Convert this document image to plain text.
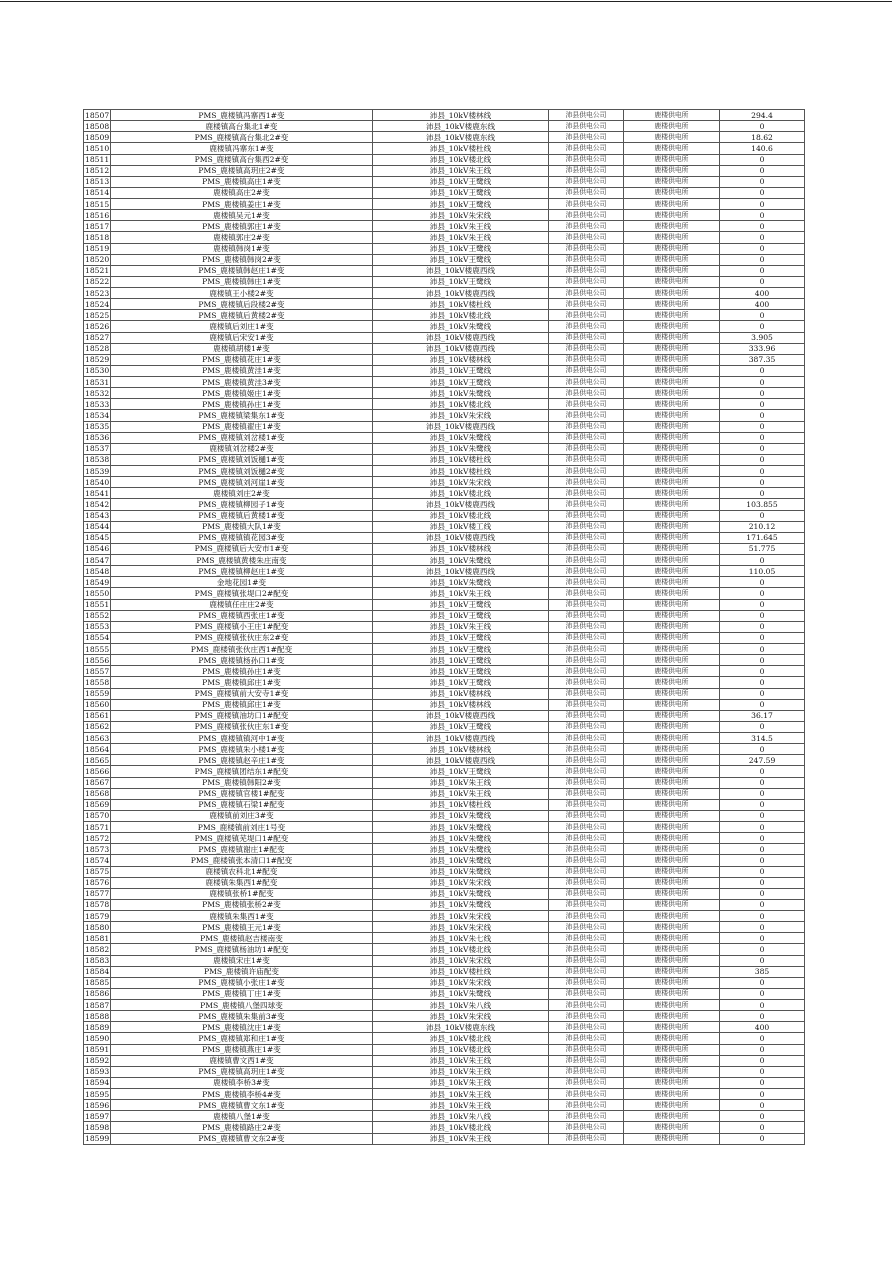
18507	PMS_鹿楼镇冯寨西1#变	沛县_10kV楼林线	沛县供电公司	鹿楼供电所	294.4
18508	鹿楼镇高台集北1#变	沛县_10kV楼鹿东线	沛县供电公司	鹿楼供电所	0
18509	PMS_鹿楼镇高台集北2#变	沛县_10kV楼鹿东线	沛县供电公司	鹿楼供电所	18.62
18510	鹿楼镇冯寨东1#变	沛县_10kV楼杜线	沛县供电公司	鹿楼供电所	140.6
18511	PMS_鹿楼镇高台集西2#变	沛县_10kV楼北线	沛县供电公司	鹿楼供电所	0
18512	PMS_鹿楼镇高玥庄2#变	沛县_10kV朱王线	沛县供电公司	鹿楼供电所	0
18513	PMS_鹿楼镇高庄1#变	沛县_10kV王鹭线	沛县供电公司	鹿楼供电所	0
18514	鹿楼镇高庄2#变	沛县_10kV王鹭线	沛县供电公司	鹿楼供电所	0
18515	PMS_鹿楼镇姜庄1#变	沛县_10kV王鹭线	沛县供电公司	鹿楼供电所	0
18516	鹿楼镇吴元1#变	沛县_10kV朱宋线	沛县供电公司	鹿楼供电所	0
18517	PMS_鹿楼镇郭庄1#变	沛县_10kV朱王线	沛县供电公司	鹿楼供电所	0
18518	鹿楼镇郭庄2#变	沛县_10kV朱王线	沛县供电公司	鹿楼供电所	0
18519	鹿楼镇韩岗1#变	沛县_10kV王鹭线	沛县供电公司	鹿楼供电所	0
18520	PMS_鹿楼镇韩岗2#变	沛县_10kV王鹭线	沛县供电公司	鹿楼供电所	0
18521	PMS_鹿楼镇韩赵庄1#变	沛县_10kV楼鹿西线	沛县供电公司	鹿楼供电所	0
18522	PMS_鹿楼镇韩庄1#变	沛县_10kV王鹭线	沛县供电公司	鹿楼供电所	0
18523	鹿楼镇王小楼2#变	沛县_10kV楼鹿西线	沛县供电公司	鹿楼供电所	400
18524	PMS_鹿楼镇后段楼2#变	沛县_10kV楼杜线	沛县供电公司	鹿楼供电所	400
18525	PMS_鹿楼镇后黄楼2#变	沛县_10kV楼北线	沛县供电公司	鹿楼供电所	0
18526	鹿楼镇后刘庄1#变	沛县_10kV朱鹭线	沛县供电公司	鹿楼供电所	0
18527	鹿楼镇后宋安1#变	沛县_10kV楼鹿西线	沛县供电公司	鹿楼供电所	3.905
18528	鹿楼镇胡楼1#变	沛县_10kV楼鹿西线	沛县供电公司	鹿楼供电所	333.96
18529	PMS_鹿楼镇花庄1#变	沛县_10kV楼林线	沛县供电公司	鹿楼供电所	387.35
18530	PMS_鹿楼镇黄洼1#变	沛县_10kV王鹭线	沛县供电公司	鹿楼供电所	0
18531	PMS_鹿楼镇黄洼3#变	沛县_10kV王鹭线	沛县供电公司	鹿楼供电所	0
18532	PMS_鹿楼镇姬庄1#变	沛县_10kV朱鹭线	沛县供电公司	鹿楼供电所	0
18533	PMS_鹿楼镇孙庄1#变	沛县_10kV楼北线	沛县供电公司	鹿楼供电所	0
18534	PMS_鹿楼镇梁集东1#变	沛县_10kV朱宋线	沛县供电公司	鹿楼供电所	0
18535	PMS_鹿楼镇翟庄1#变	沛县_10kV楼鹿西线	沛县供电公司	鹿楼供电所	0
18536	PMS_鹿楼镇刘岔楼1#变	沛县_10kV朱鹭线	沛县供电公司	鹿楼供电所	0
18537	鹿楼镇刘岔楼2#变	沛县_10kV朱鹭线	沛县供电公司	鹿楼供电所	0
18538	PMS_鹿楼镇刘饭樋1#变	沛县_10kV楼杜线	沛县供电公司	鹿楼供电所	0
18539	PMS_鹿楼镇刘饭樋2#变	沛县_10kV楼杜线	沛县供电公司	鹿楼供电所	0
18540	PMS_鹿楼镇刘河崖1#变	沛县_10kV朱宋线	沛县供电公司	鹿楼供电所	0
18541	鹿楼镇刘庄2#变	沛县_10kV楼北线	沛县供电公司	鹿楼供电所	0
18542	PMS_鹿楼镇柳园子1#变	沛县_10kV楼鹿西线	沛县供电公司	鹿楼供电所	103.855
18543	PMS_鹿楼镇后黄楼1#变	沛县_10kV楼北线	沛县供电公司	鹿楼供电所	0
18544	PMS_鹿楼镇大队1#变	沛县_10kV楼工线	沛县供电公司	鹿楼供电所	210.12
18545	PMS_鹿楼镇镇花园3#变	沛县_10kV楼鹿西线	沛县供电公司	鹿楼供电所	171.645
18546	PMS_鹿楼镇后大安市1#变	沛县_10kV楼林线	沛县供电公司	鹿楼供电所	51.775
18547	PMS_鹿楼镇黄楼朱庄南变	沛县_10kV朱鹭线	沛县供电公司	鹿楼供电所	0
18548	PMS_鹿楼镇柳赵庄1#变	沛县_10kV楼鹿西线	沛县供电公司	鹿楼供电所	110.05
18549	金地花园1#变	沛县_10kV朱鹭线	沛县供电公司	鹿楼供电所	0
18550	PMS_鹿楼镇张堤口2#配变	沛县_10kV朱王线	沛县供电公司	鹿楼供电所	0
18551	鹿楼镇任庄庄2#变	沛县_10kV王鹭线	沛县供电公司	鹿楼供电所	0
18552	PMS_鹿楼镇西张庄1#变	沛县_10kV王鹭线	沛县供电公司	鹿楼供电所	0
18553	PMS_鹿楼镇小王庄1#配变	沛县_10kV朱王线	沛县供电公司	鹿楼供电所	0
18554	PMS_鹿楼镇张伙庄东2#变	沛县_10kV王鹭线	沛县供电公司	鹿楼供电所	0
18555	PMS_鹿楼镇张伙庄西1#配变	沛县_10kV王鹭线	沛县供电公司	鹿楼供电所	0
18556	PMS_鹿楼镇杨孙口1#变	沛县_10kV王鹭线	沛县供电公司	鹿楼供电所	0
18557	PMS_鹿楼镇孙庄1#变	沛县_10kV王鹭线	沛县供电公司	鹿楼供电所	0
18558	PMS_鹿楼镇邱庄1#变	沛县_10kV王鹭线	沛县供电公司	鹿楼供电所	0
18559	PMS_鹿楼镇前大安寺1#变	沛县_10kV楼林线	沛县供电公司	鹿楼供电所	0
18560	PMS_鹿楼镇邱庄1#变	沛县_10kV楼林线	沛县供电公司	鹿楼供电所	0
18561	PMS_鹿楼镇油坊口1#配变	沛县_10kV楼鹿西线	沛县供电公司	鹿楼供电所	36.17
18562	PMS_鹿楼镇张伙庄东1#变	沛县_10kV王鹭线	沛县供电公司	鹿楼供电所	0
18563	PMS_鹿楼镇镇河中1#变	沛县_10kV楼鹿西线	沛县供电公司	鹿楼供电所	314.5
18564	PMS_鹿楼镇朱小楼1#变	沛县_10kV楼林线	沛县供电公司	鹿楼供电所	0
18565	PMS_鹿楼镇赵辛庄1#变	沛县_10kV楼鹿西线	沛县供电公司	鹿楼供电所	247.59
18566	PMS_鹿楼镇团结东1#配变	沛县_10kV王鹭线	沛县供电公司	鹿楼供电所	0
18567	PMS_鹿楼镇韩阳2#变	沛县_10kV朱王线	沛县供电公司	鹿楼供电所	0
18568	PMS_鹿楼镇官楼1#配变	沛县_10kV朱王线	沛县供电公司	鹿楼供电所	0
18569	PMS_鹿楼镇石梁1#配变	沛县_10kV楼杜线	沛县供电公司	鹿楼供电所	0
18570	鹿楼镇前刘庄3#变	沛县_10kV朱鹭线	沛县供电公司	鹿楼供电所	0
18571	PMS_鹿楼镇前刘庄1号变	沛县_10kV朱鹭线	沛县供电公司	鹿楼供电所	0
18572	PMS_鹿楼镇芜堤口1#配变	沛县_10kV朱鹭线	沛县供电公司	鹿楼供电所	0
18573	PMS_鹿楼镇谢庄1#配变	沛县_10kV朱鹭线	沛县供电公司	鹿楼供电所	0
18574	PMS_鹿楼镇张本清口1#配变	沛县_10kV朱鹭线	沛县供电公司	鹿楼供电所	0
18575	鹿楼镇农科北1#配变	沛县_10kV朱鹭线	沛县供电公司	鹿楼供电所	0
18576	鹿楼镇朱集西1#配变	沛县_10kV朱宋线	沛县供电公司	鹿楼供电所	0
18577	鹿楼镇张桥1#配变	沛县_10kV朱鹭线	沛县供电公司	鹿楼供电所	0
18578	PMS_鹿楼镇张桥2#变	沛县_10kV朱鹭线	沛县供电公司	鹿楼供电所	0
18579	鹿楼镇朱集西1#变	沛县_10kV朱宋线	沛县供电公司	鹿楼供电所	0
18580	PMS_鹿楼镇王元1#变	沛县_10kV朱宋线	沛县供电公司	鹿楼供电所	0
18581	PMS_鹿楼镇赵吉楼南变	沛县_10kV朱七线	沛县供电公司	鹿楼供电所	0
18582	PMS_鹿楼镇杨油坊1#配变	沛县_10kV楼北线	沛县供电公司	鹿楼供电所	0
18583	鹿楼镇宋庄1#变	沛县_10kV朱宋线	沛县供电公司	鹿楼供电所	0
18584	PMS_鹿楼镇许庙配变	沛县_10kV楼杜线	沛县供电公司	鹿楼供电所	385
18585	PMS_鹿楼镇小张庄1#变	沛县_10kV朱宋线	沛县供电公司	鹿楼供电所	0
18586	PMS_鹿楼镇丁庄1#变	沛县_10kV朱鹭线	沛县供电公司	鹿楼供电所	0
18587	PMS_鹿楼镇八堡四球变	沛县_10kV朱八线	沛县供电公司	鹿楼供电所	0
18588	PMS_鹿楼镇朱集前3#变	沛县_10kV朱宋线	沛县供电公司	鹿楼供电所	0
18589	PMS_鹿楼镇沈庄1#变	沛县_10kV楼鹿东线	沛县供电公司	鹿楼供电所	400
18590	PMS_鹿楼镇郑和庄1#变	沛县_10kV楼北线	沛县供电公司	鹿楼供电所	0
18591	PMS_鹿楼镇燕庄1#变	沛县_10kV楼北线	沛县供电公司	鹿楼供电所	0
18592	鹿楼镇曹文西1#变	沛县_10kV朱王线	沛县供电公司	鹿楼供电所	0
18593	PMS_鹿楼镇高玥庄1#变	沛县_10kV朱王线	沛县供电公司	鹿楼供电所	0
18594	鹿楼镇李桥3#变	沛县_10kV朱王线	沛县供电公司	鹿楼供电所	0
18595	PMS_鹿楼镇李桥4#变	沛县_10kV朱王线	沛县供电公司	鹿楼供电所	0
18596	PMS_鹿楼镇曹文东1#变	沛县_10kV朱王线	沛县供电公司	鹿楼供电所	0
18597	鹿楼镇八堡1#变	沛县_10kV朱八线	沛县供电公司	鹿楼供电所	0
18598	PMS_鹿楼镇路庄2#变	沛县_10kV楼北线	沛县供电公司	鹿楼供电所	0
18599	PMS_鹿楼镇曹文东2#变	沛县_10kV朱王线	沛县供电公司	鹿楼供电所	0
